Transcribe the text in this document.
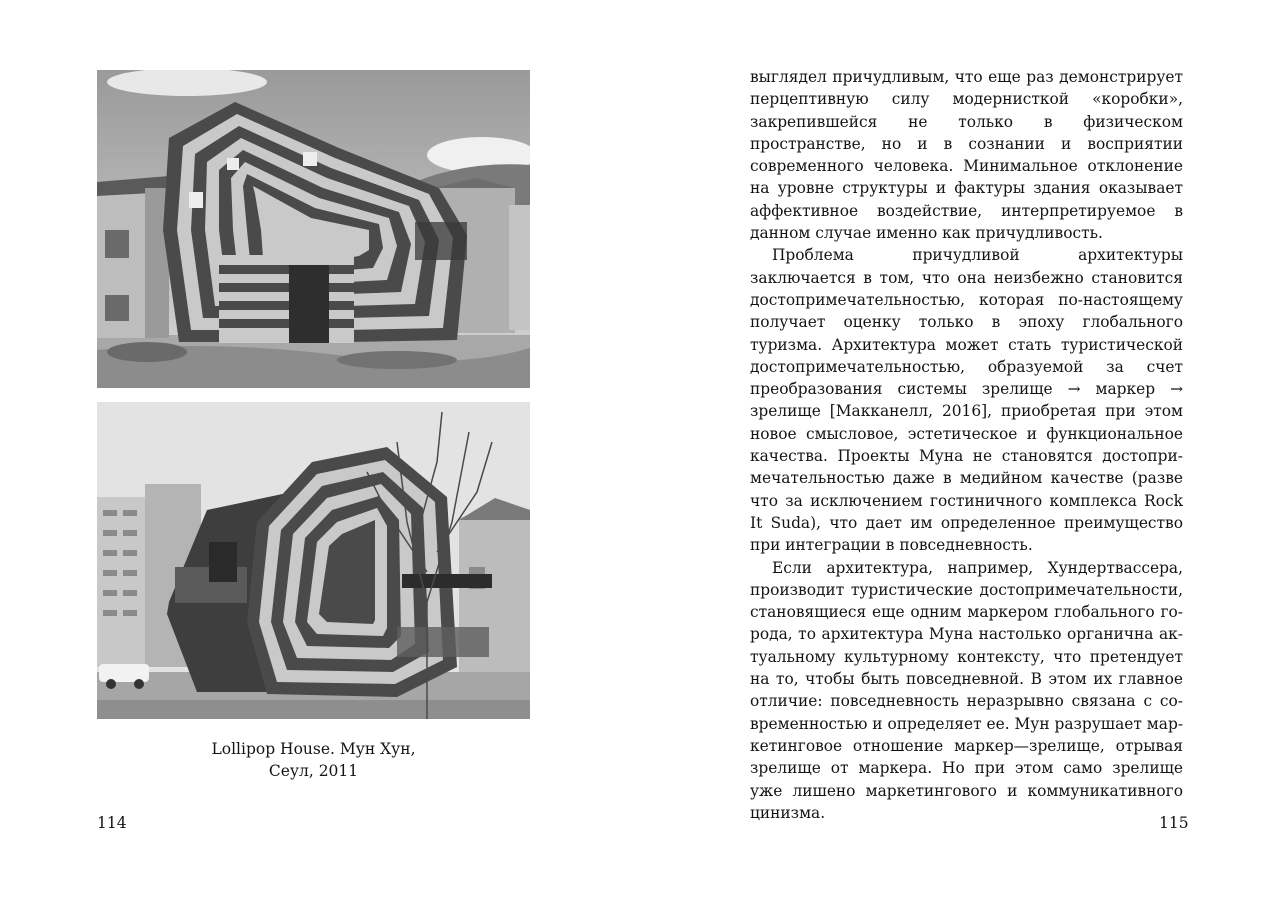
Lollipop House. Мун Хун,
Сеул, 2011
114

выглядел причудливым, что еще раз демонстрирует перцептивную силу модернисткой «коробки», закрепившейся не только в физическом пространстве, но и в сознании и восприятии современного человека. Минимальное отклонение на уровне структуры и фактуры здания оказывает аффективное воздействие, интерпретируемое в данном случае именно как причудливость.

Проблема причудливой архитектуры заключается в том, что она неизбежно становится достопримечательностью, которая по-настоящему получает оценку только в эпоху глобального туризма. Архитектура может стать туристической достопримечательностью, образуемой за счет преобразования системы зрелище → маркер → зрелище [Макканелл, 2016], приобретая при этом новое смысловое, эстетическое и функциональное качества. Проекты Муна не становятся достопримечательностью даже в медийном качестве (разве что за исключением гостиничного комплекса Rock It Suda), что дает им определенное преимущество при интеграции в повседневность.

Если архитектура, например, Хундертвассера, производит туристические достопримечательности, становящиеся еще одним маркером глобального города, то архитектура Муна настолько органична актуальному культурному контексту, что претендует на то, чтобы быть повседневной. В этом их главное отличие: повседневность неразрывно связана с современностью и определяет ее. Мун разрушает маркетинговое отношение маркер—зрелище, отрывая зрелище от маркера. Но при этом само зрелище уже лишено маркетингового и коммуникативного цинизма.

115
